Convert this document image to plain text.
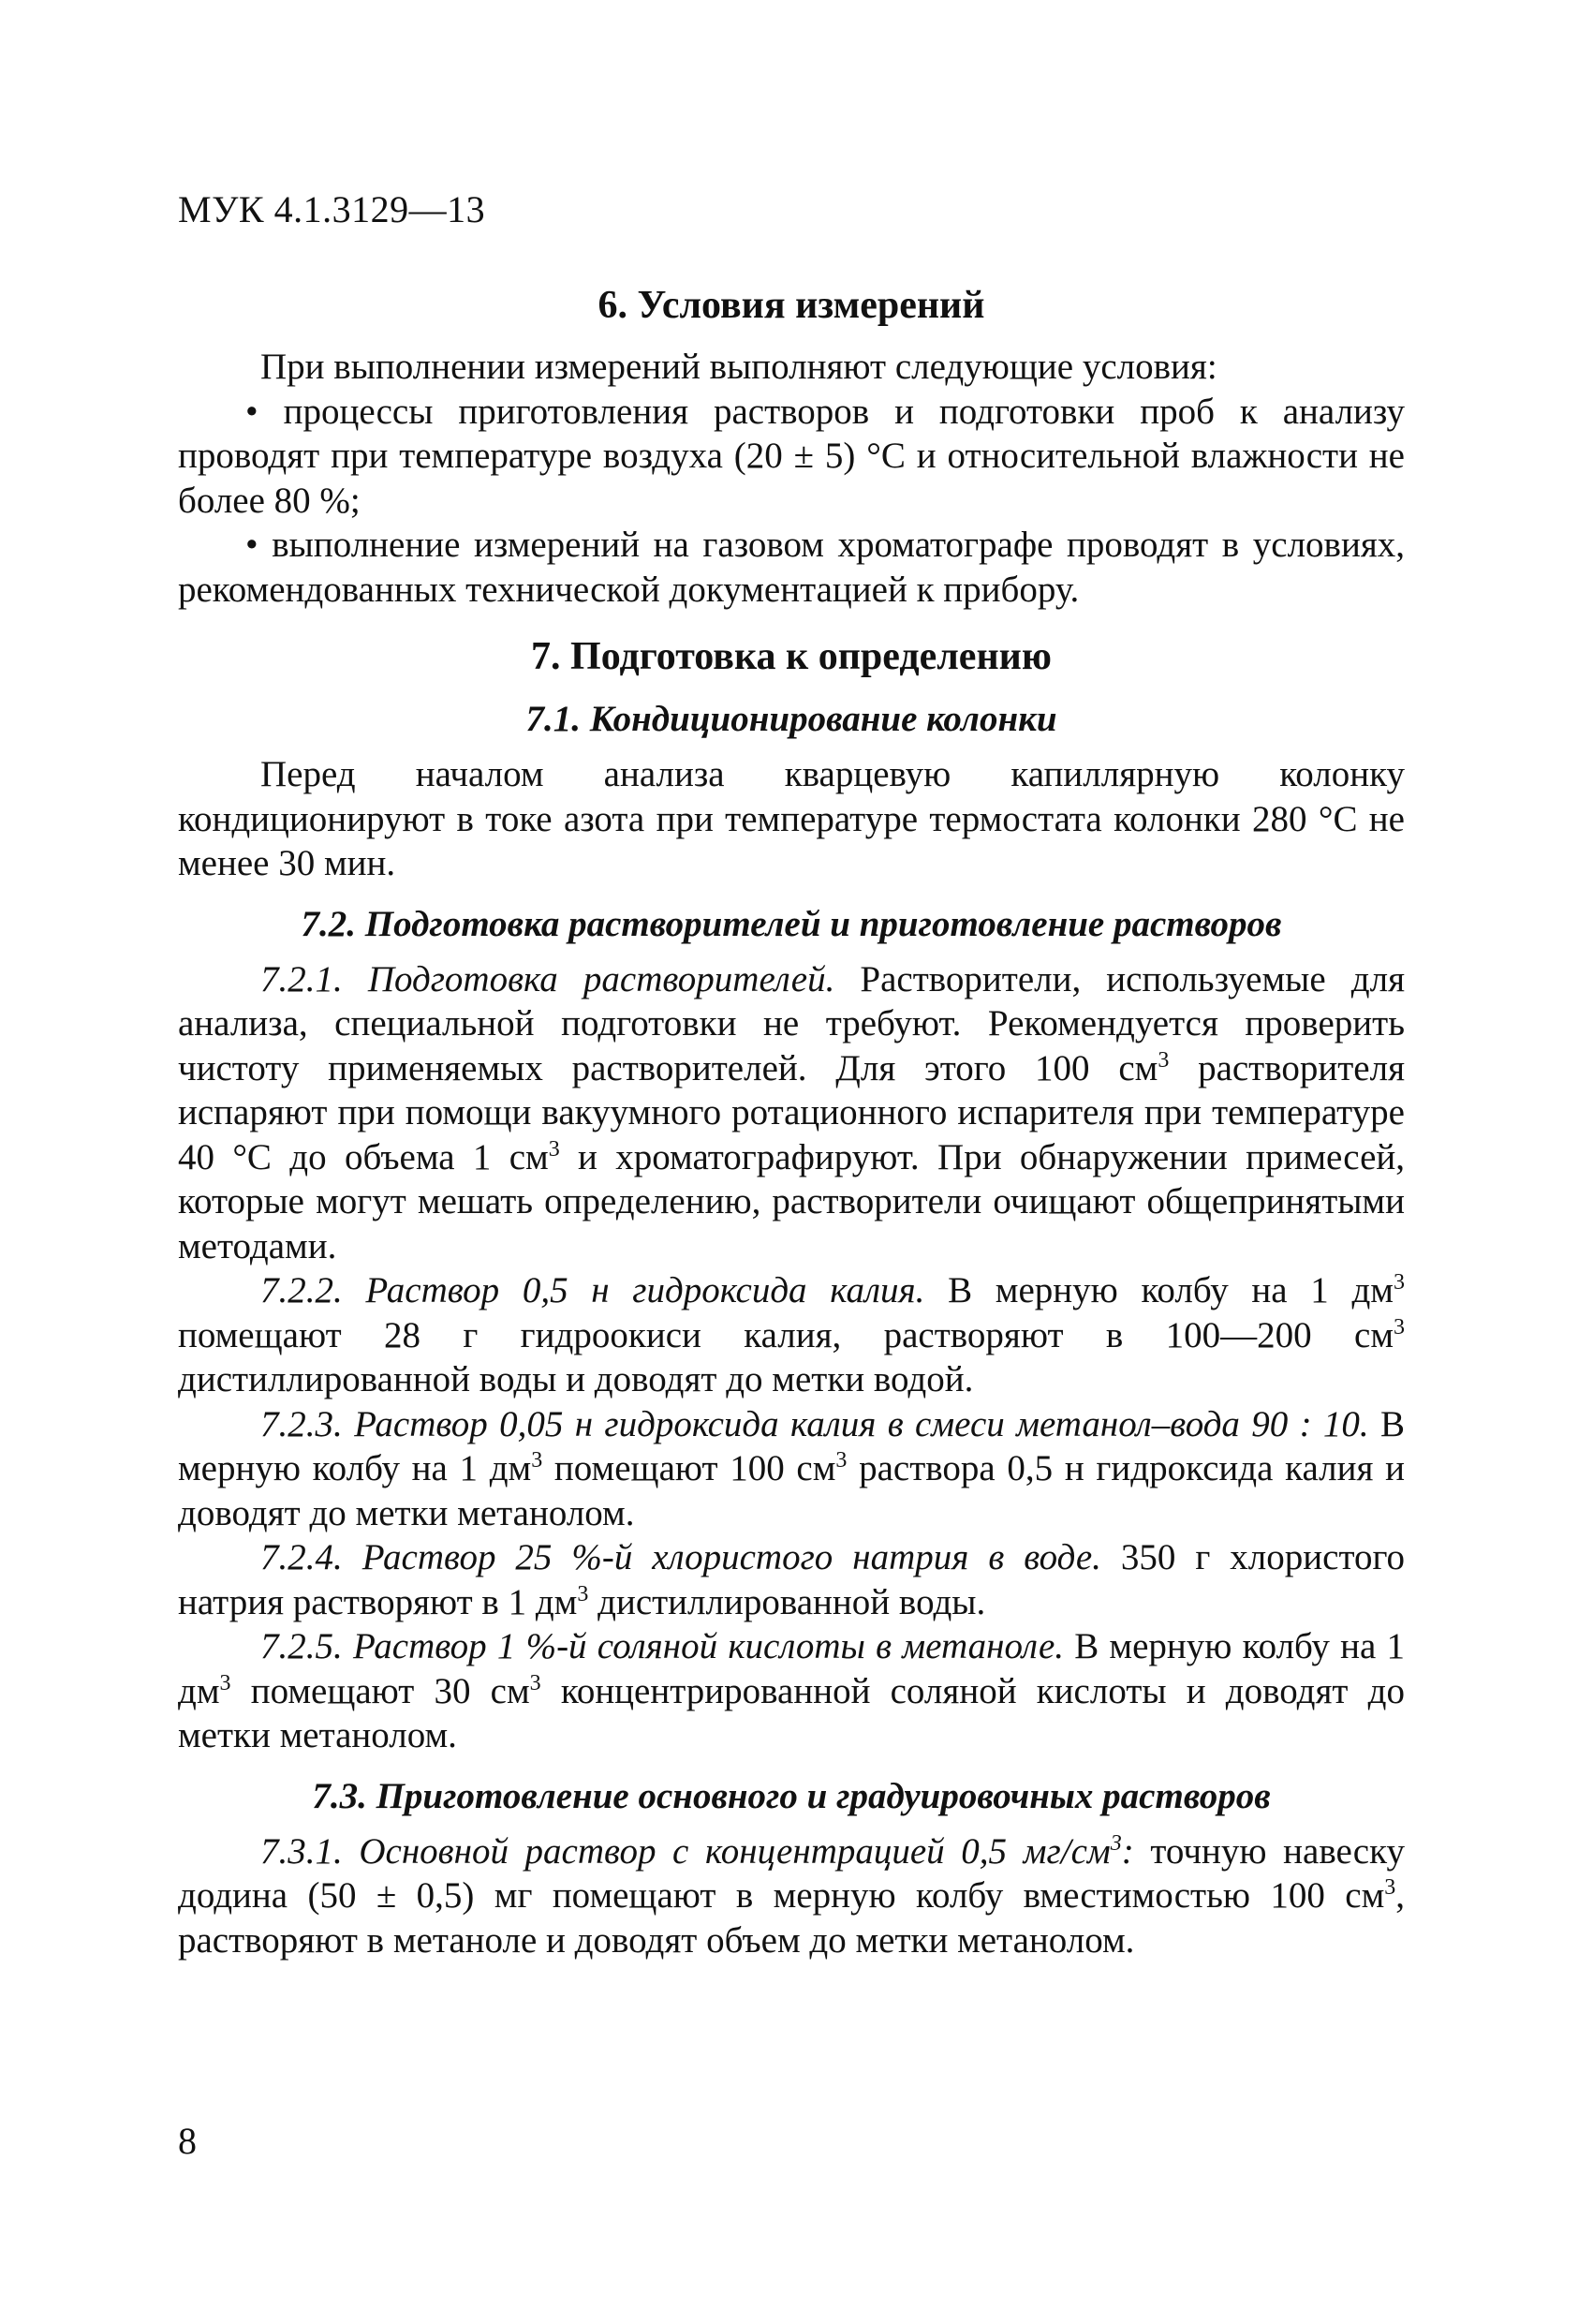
МУК 4.1.3129—13
6. Условия измерений

При выполнении измерений выполняют следующие условия:

• процессы приготовления растворов и подготовки проб к анализу проводят при температуре воздуха (20 ± 5) °С и относительной влажности не более 80 %;

• выполнение измерений на газовом хроматографе проводят в условиях, рекомендованных технической документацией к прибору.

7. Подготовка к определению
7.1. Кондиционирование колонки

Перед началом анализа кварцевую капиллярную колонку кондиционируют в токе азота при температуре термостата колонки 280 °С не менее 30 мин.

7.2. Подготовка растворителей и приготовление растворов

7.2.1. Подготовка растворителей. Растворители, используемые для анализа, специальной подготовки не требуют. Рекомендуется проверить чистоту применяемых растворителей. Для этого 100 $см^3$ растворителя испаряют при помощи вакуумного ротационного испарителя при температуре 40 °С до объема 1 $см^3$ и хроматографируют. При обнаружении примесей, которые могут мешать определению, растворители очищают общепринятыми методами.

7.2.2. Раствор 0,5 н гидроксида калия. В мерную колбу на 1 $дм^3$ помещают 28 г гидроокиси калия, растворяют в 100—200 $см^3$ дистиллированной воды и доводят до метки водой.

7.2.3. Раствор 0,05 н гидроксида калия в смеси метанол–вода 90 : 10. В мерную колбу на 1 $дм^3$ помещают 100 $см^3$ раствора 0,5 н гидроксида калия и доводят до метки метанолом.

7.2.4. Раствор 25 %-й хлористого натрия в воде. 350 г хлористого натрия растворяют в 1 $дм^3$ дистиллированной воды.

7.2.5. Раствор 1 %-й соляной кислоты в метаноле. В мерную колбу на 1 $дм^3$ помещают 30 $см^3$ концентрированной соляной кислоты и доводят до метки метанолом.

7.3. Приготовление основного и градуировочных растворов

7.3.1. Основной раствор с концентрацией 0,5 $мг/см^3$: точную навеску додина (50 ± 0,5) мг помещают в мерную колбу вместимостью 100 $см^3$, растворяют в метаноле и доводят объем до метки метанолом.

8
